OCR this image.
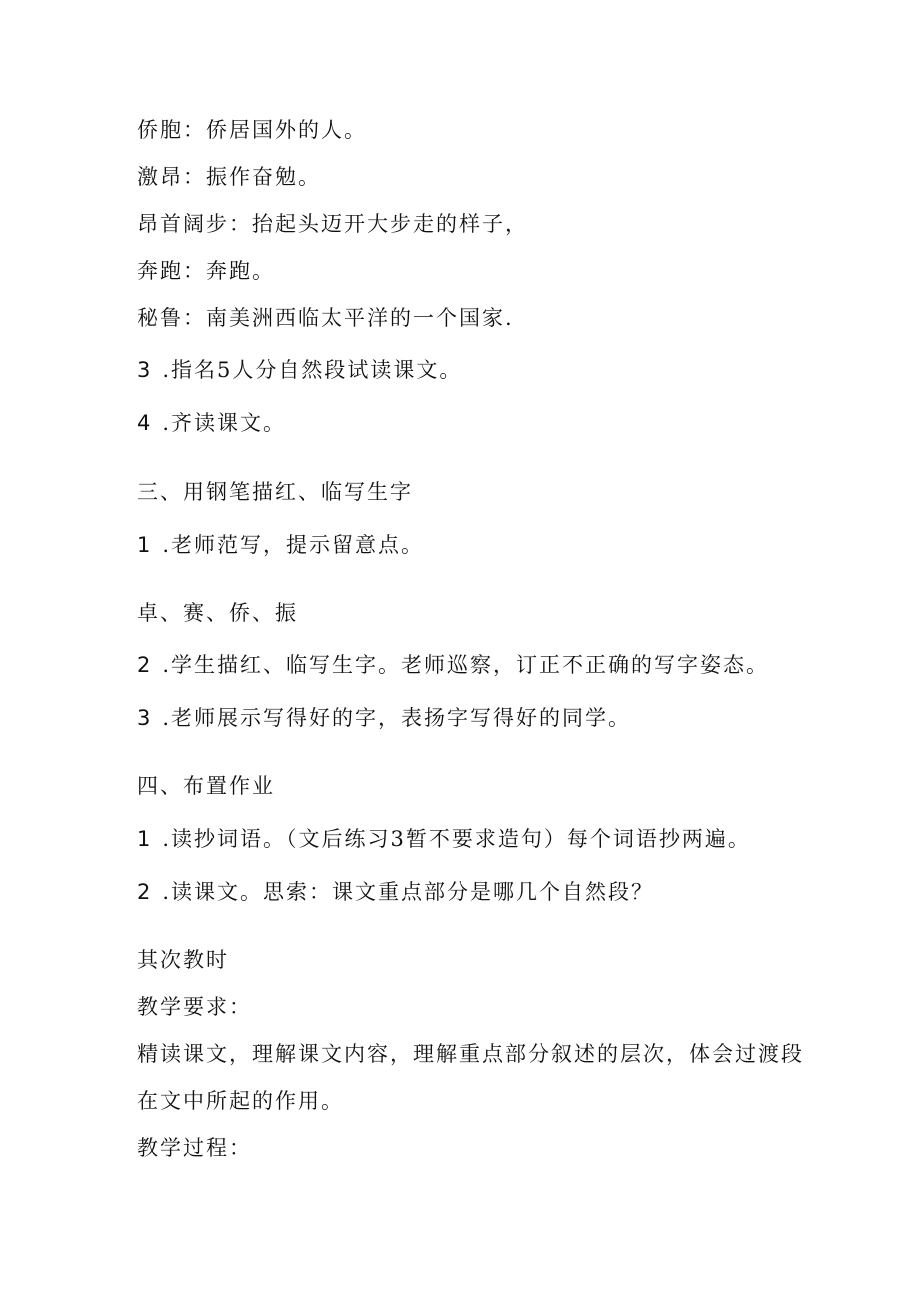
侨胞：侨居国外的人。
激昂：振作奋勉。
昂首阔步：抬起头迈开大步走的样子，
奔跑：奔跑。
秘鲁：南美洲西临太平洋的一个国家.
3 .指名5人分自然段试读课文。
4 .齐读课文。
三、用钢笔描红、临写生字
1 .老师范写，提示留意点。
卓、赛、侨、振
2 .学生描红、临写生字。老师巡察，订正不正确的写字姿态。
3 .老师展示写得好的字，表扬字写得好的同学。
四、布置作业
1 .读抄词语。（文后练习3暂不要求造句）每个词语抄两遍。
2 .读课文。思索：课文重点部分是哪几个自然段？
其次教时
教学要求：
精读课文，理解课文内容，理解重点部分叙述的层次，体会过渡段
在文中所起的作用。
教学过程：
